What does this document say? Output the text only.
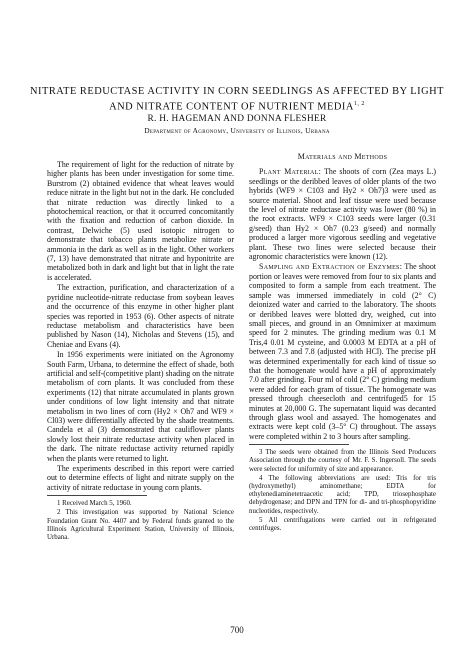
NITRATE REDUCTASE ACTIVITY IN CORN SEEDLINGS AS AFFECTED BY LIGHT
AND NITRATE CONTENT OF NUTRIENT MEDIA$^{1, 2}$
R. H. HAGEMAN AND DONNA FLESHER
Department of Agronomy, University of Illinois, Urbana

The requirement of light for the reduction of nitrate by higher plants has been under investigation for some time. Burstrom (2) obtained evidence that wheat leaves would reduce nitrate in the light but not in the dark. He concluded that nitrate reduction was directly linked to a photochemical reaction, or that it occurred concomitantly with the fixation and reduction of carbon dioxide. In contrast, Delwiche (5) used isotopic nitrogen to demonstrate that tobacco plants metabolize nitrate or ammonia in the dark as well as in the light. Other workers (7, 13) have demonstrated that nitrate and hyponitrite are metabolized both in dark and light but that in light the rate is accelerated.

The extraction, purification, and characterization of a pyridine nucleotide-nitrate reductase from soybean leaves and the occurrence of this enzyme in other higher plant species was reported in 1953 (6). Other aspects of nitrate reductase metabolism and characteristics have been published by Nason (14), Nicholas and Stevens (15), and Cheniae and Evans (4).

In 1956 experiments were initiated on the Agronomy South Farm, Urbana, to determine the effect of shade, both artificial and self-(competitive plant) shading on the nitrate metabolism of corn plants. It was concluded from these experiments (12) that nitrate accumulated in plants grown under conditions of low light intensity and that nitrate metabolism in two lines of corn (Hy2 × Oh7 and WF9 × Cl03) were differentially affected by the shade treatments. Candela et al (3) demonstrated that cauliflower plants slowly lost their nitrate reductase activity when placed in the dark. The nitrate reductase activity returned rapidly when the plants were returned to light.

The experiments described in this report were carried out to determine effects of light and nitrate supply on the activity of nitrate reductase in young corn plants.

1 Received March 5, 1960.

2 This investigation was supported by National Science Foundation Grant No. 4407 and by Federal funds granted to the Illinois Agricultural Experiment Station, University of Illinois, Urbana.

Materials and Methods

Plant Material: The shoots of corn (Zea mays L.) seedlings or the deribbed leaves of older plants of the two hybrids (WF9 × C103 and Hy2 × Oh7)3 were used as source material. Shoot and leaf tissue were used because the level of nitrate reductase activity was lower (80 %) in the root extracts. WF9 × C103 seeds were larger (0.31 g/seed) than Hy2 × Oh7 (0.23 g/seed) and normally produced a larger more vigorous seedling and vegetative plant. These two lines were selected because their agronomic characteristics were known (12).

Sampling and Extraction of Enzymes: The shoot portion or leaves were removed from four to six plants and composited to form a sample from each treatment. The sample was immersed immediately in cold (2° C) deionized water and carried to the laboratory. The shoots or deribbed leaves were blotted dry, weighed, cut into small pieces, and ground in an Omnimixer at maximum speed for 2 minutes. The grinding medium was 0.1 M Tris,4 0.01 M cysteine, and 0.0003 M EDTA at a pH of between 7.3 and 7.8 (adjusted with HCl). The precise pH was determined experimentally for each kind of tissue so that the homogenate would have a pH of approximately 7.0 after grinding. Four ml of cold (2° C) grinding medium were added for each gram of tissue. The homogenate was pressed through cheesecloth and centrifuged5 for 15 minutes at 20,000 G. The supernatant liquid was decanted through glass wool and assayed. The homogenates and extracts were kept cold (3–5° C) throughout. The assays were completed within 2 to 3 hours after sampling.

3 The seeds were obtained from the Illinois Seed Producers Association through the courtesy of Mr. F. S. Ingersoll. The seeds were selected for uniformity of size and appearance.

4 The following abbreviations are used: Tris for tris (hydroxymethyl) aminomethane; EDTA for ethylenediaminetetraacetic acid; TPD, triosephosphate dehydrogenase; and DPN and TPN for di- and tri-phosphopyridine nucleotides, respectively.

5 All centrifugations were carried out in refrigerated centrifuges.

700
